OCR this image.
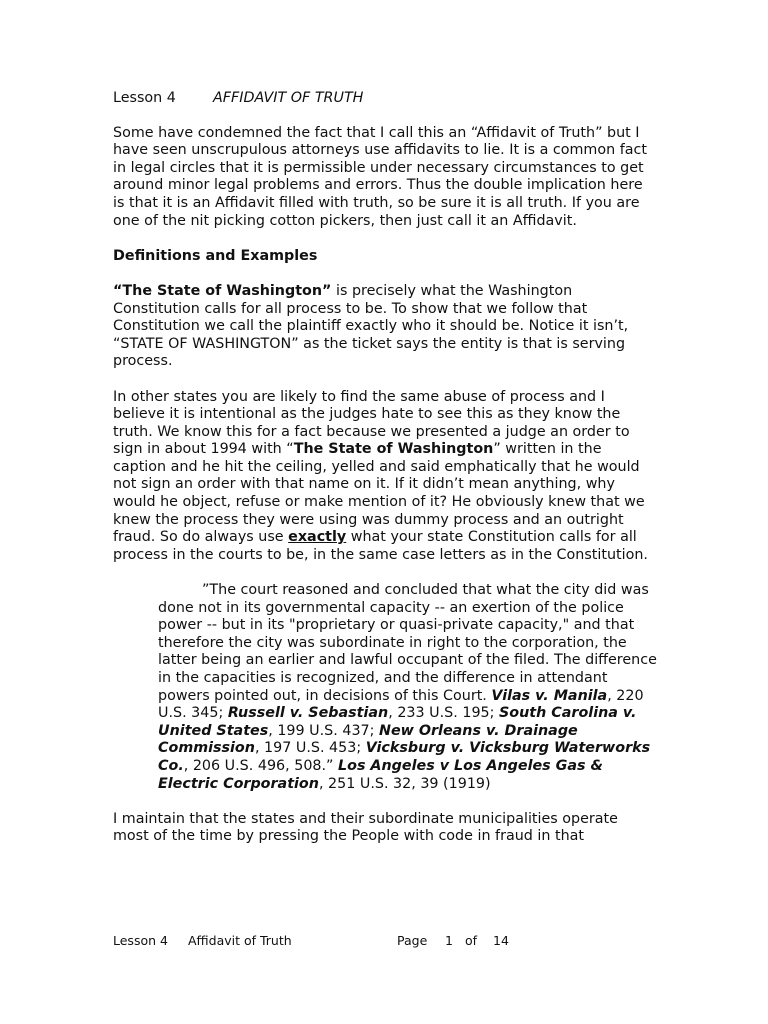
Lesson 4	AFFIDAVIT OF TRUTH

Some have condemned the fact that I call this an “Affidavit of Truth” but I have seen unscrupulous attorneys use affidavits to lie. It is a common fact in legal circles that it is permissible under necessary circumstances to get around minor legal problems and errors. Thus the double implication here is that it is an Affidavit filled with truth, so be sure it is all truth. If you are one of the nit picking cotton pickers, then just call it an Affidavit.

Definitions and Examples

“The State of Washington” is precisely what the Washington Constitution calls for all process to be. To show that we follow that Constitution we call the plaintiff exactly who it should be. Notice it isn’t, “STATE OF WASHINGTON” as the ticket says the entity is that is serving process.

In other states you are likely to find the same abuse of process and I believe it is intentional as the judges hate to see this as they know the truth. We know this for a fact because we presented a judge an order to sign in about 1994 with “The State of Washington” written in the caption and he hit the ceiling, yelled and said emphatically that he would not sign an order with that name on it. If it didn’t mean anything, why would he object, refuse or make mention of it? He obviously knew that we knew the process they were using was dummy process and an outright fraud. So do always use exactly what your state Constitution calls for all process in the courts to be, in the same case letters as in the Constitution.

”The court reasoned and concluded that what the city did was done not in its governmental capacity -- an exertion of the police power -- but in its "proprietary or quasi-private capacity," and that therefore the city was subordinate in right to the corporation, the latter being an earlier and lawful occupant of the filed. The difference in the capacities is recognized, and the difference in attendant powers pointed out, in decisions of this Court. Vilas v. Manila, 220 U.S. 345; Russell v. Sebastian, 233 U.S. 195; South Carolina v. United States, 199 U.S. 437; New Orleans v. Drainage Commission, 197 U.S. 453; Vicksburg v. Vicksburg Waterworks Co., 206 U.S. 496, 508.” Los Angeles v Los Angeles Gas & Electric Corporation, 251 U.S. 32, 39 (1919)

I maintain that the states and their subordinate municipalities operate most of the time by pressing the People with code in fraud in that

Lesson 4 Affidavit of Truth	Page 1 of 14
